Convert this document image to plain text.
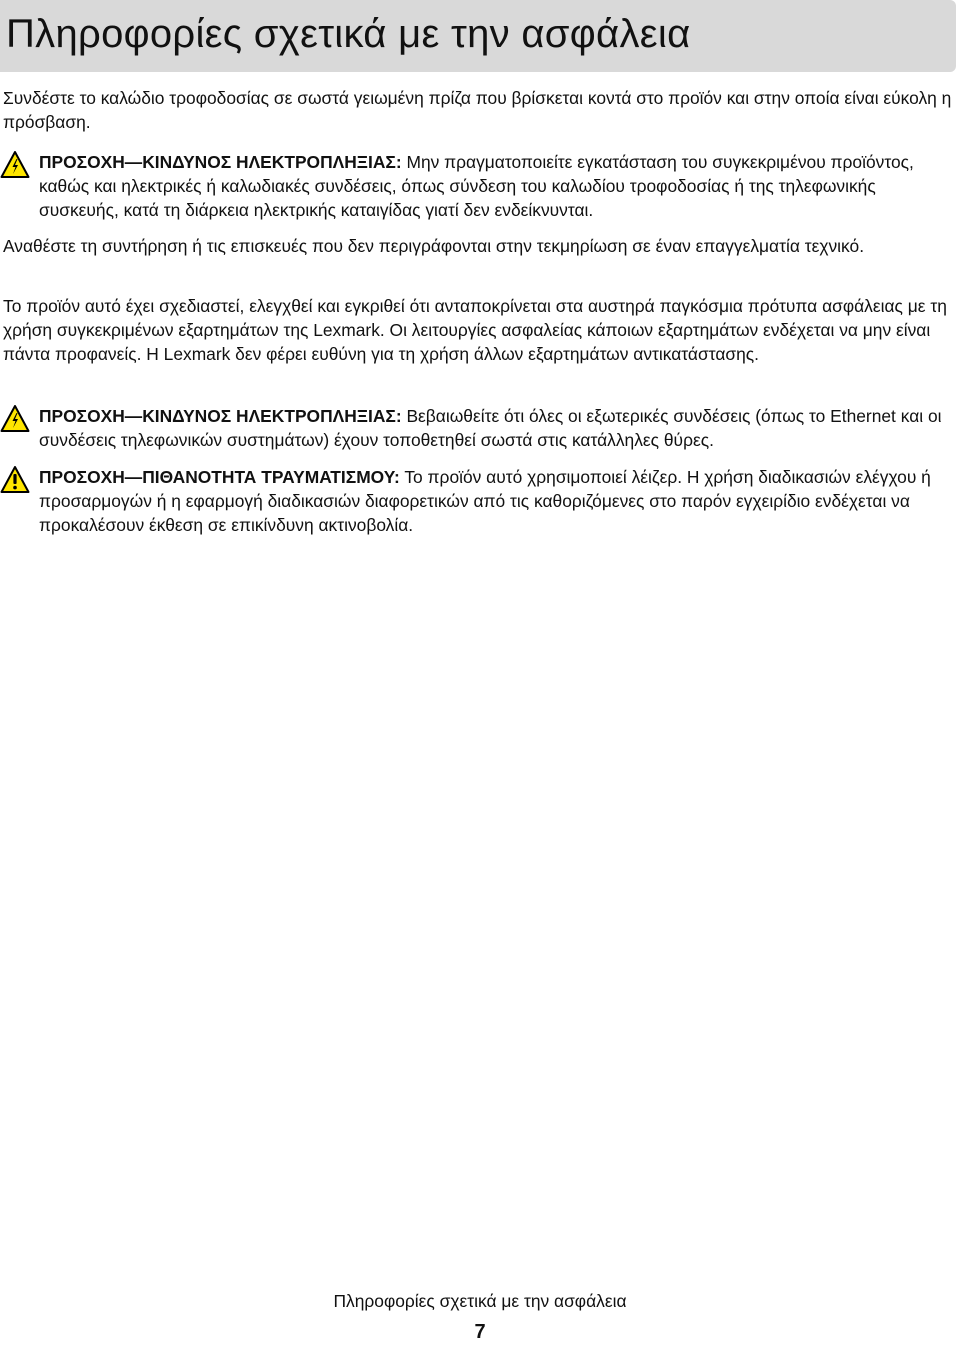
Πληροφορίες σχετικά με την ασφάλεια

Συνδέστε το καλώδιο τροφοδοσίας σε σωστά γειωμένη πρίζα που βρίσκεται κοντά στο προϊόν και στην οποία είναι εύκολη η πρόσβαση.

ΠΡΟΣΟΧΗ—ΚΙΝΔΥΝΟΣ ΗΛΕΚΤΡΟΠΛΗΞΙΑΣ: Μην πραγματοποιείτε εγκατάσταση του συγκεκριμένου προϊόντος, καθώς και ηλεκτρικές ή καλωδιακές συνδέσεις, όπως σύνδεση του καλωδίου τροφοδοσίας ή της τηλεφωνικής συσκευής, κατά τη διάρκεια ηλεκτρικής καταιγίδας γιατί δεν ενδείκνυνται.

Αναθέστε τη συντήρηση ή τις επισκευές που δεν περιγράφονται στην τεκμηρίωση σε έναν επαγγελματία τεχνικό.

Το προϊόν αυτό έχει σχεδιαστεί, ελεγχθεί και εγκριθεί ότι ανταποκρίνεται στα αυστηρά παγκόσμια πρότυπα ασφάλειας με τη χρήση συγκεκριμένων εξαρτημάτων της Lexmark. Οι λειτουργίες ασφαλείας κάποιων εξαρτημάτων ενδέχεται να μην είναι πάντα προφανείς. Η Lexmark δεν φέρει ευθύνη για τη χρήση άλλων εξαρτημάτων αντικατάστασης.

ΠΡΟΣΟΧΗ—ΚΙΝΔΥΝΟΣ ΗΛΕΚΤΡΟΠΛΗΞΙΑΣ: Βεβαιωθείτε ότι όλες οι εξωτερικές συνδέσεις (όπως το Ethernet και οι συνδέσεις τηλεφωνικών συστημάτων) έχουν τοποθετηθεί σωστά στις κατάλληλες θύρες.

ΠΡΟΣΟΧΗ—ΠΙΘΑΝΟΤΗΤΑ ΤΡΑΥΜΑΤΙΣΜΟΥ: Το προϊόν αυτό χρησιμοποιεί λέιζερ. Η χρήση διαδικασιών ελέγχου ή προσαρμογών ή η εφαρμογή διαδικασιών διαφορετικών από τις καθοριζόμενες στο παρόν εγχειρίδιο ενδέχεται να προκαλέσουν έκθεση σε επικίνδυνη ακτινοβολία.

Πληροφορίες σχετικά με την ασφάλεια
7
